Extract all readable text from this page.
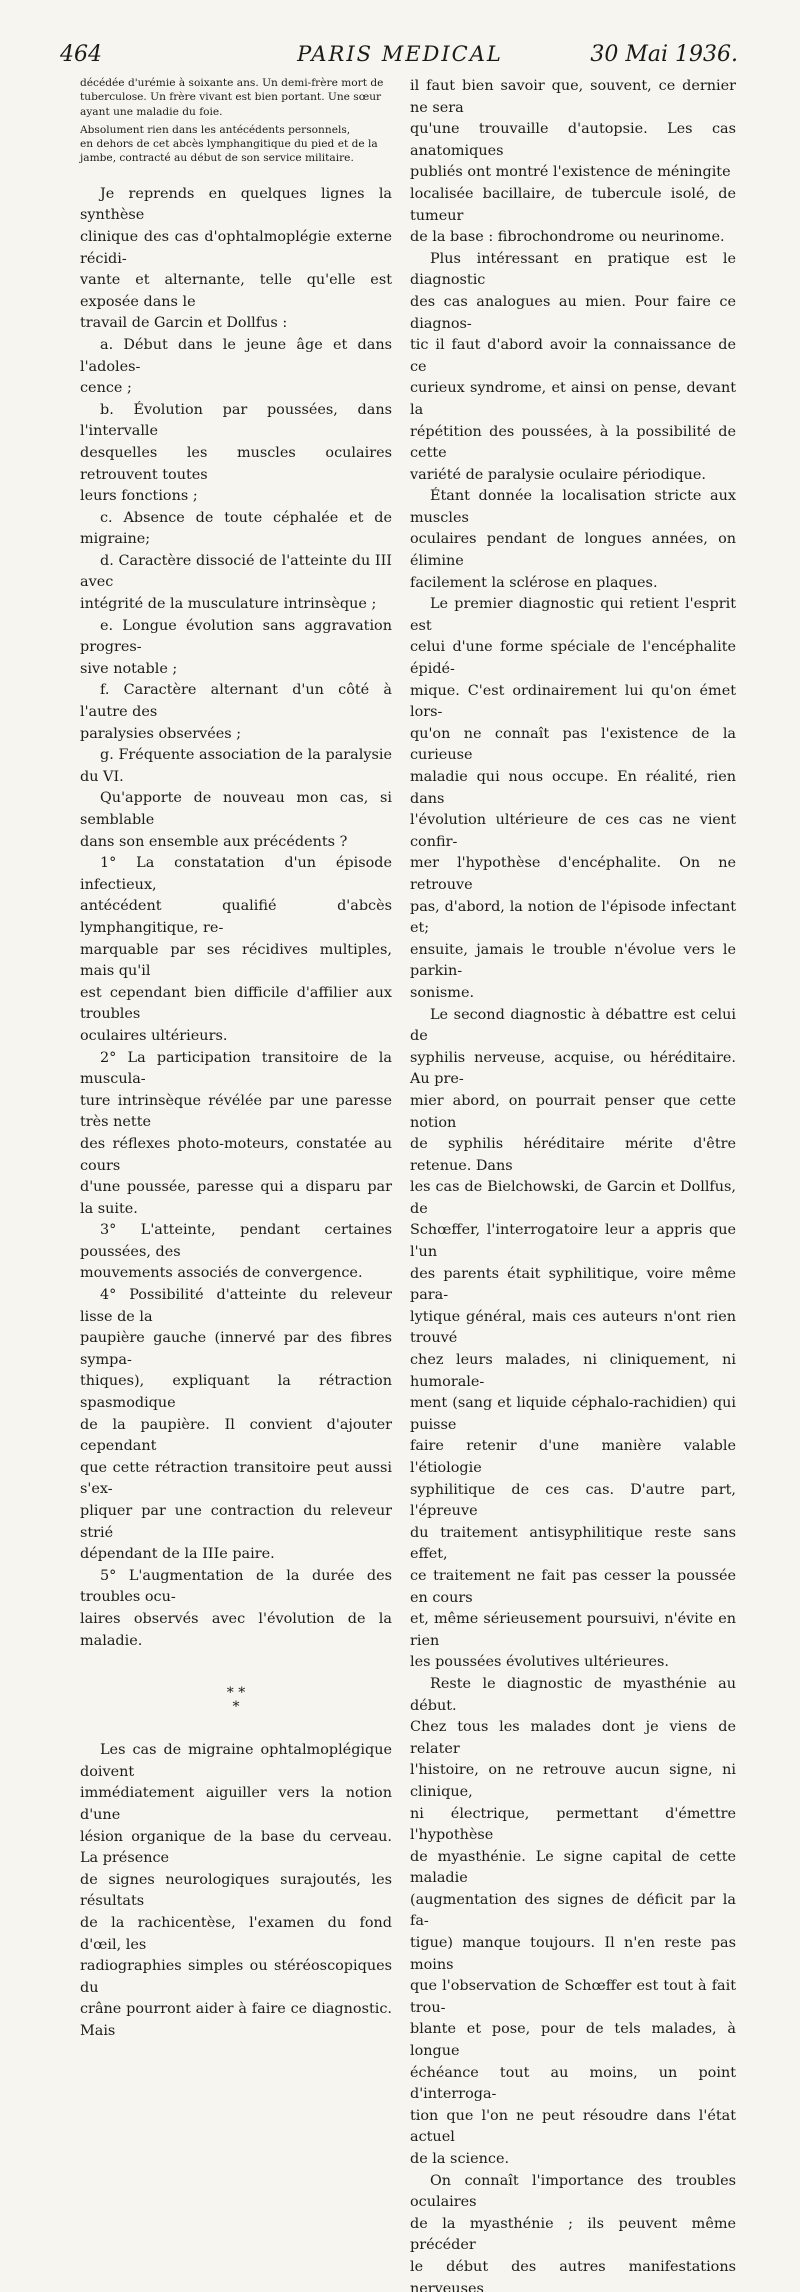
464	PARIS MEDICAL	30 Mai 1936.

décédée d'urémie à soixante ans. Un demi-frère mort de

tuberculose. Un frère vivant est bien portant. Une sœur

ayant une maladie du foie.

Absolument rien dans les antécédents personnels,

en dehors de cet abcès lymphangitique du pied et de la

jambe, contracté au début de son service militaire.

Je reprends en quelques lignes la synthèse

clinique des cas d'ophtalmoplégie externe récidi-

vante et alternante, telle qu'elle est exposée dans le

travail de Garcin et Dollfus :

a. Début dans le jeune âge et dans l'adoles-

cence ;

b. Évolution par poussées, dans l'intervalle

desquelles les muscles oculaires retrouvent toutes

leurs fonctions ;

c. Absence de toute céphalée et de migraine;

d. Caractère dissocié de l'atteinte du III avec

intégrité de la musculature intrinsèque ;

e. Longue évolution sans aggravation progres-

sive notable ;

f. Caractère alternant d'un côté à l'autre des

paralysies observées ;

g. Fréquente association de la paralysie du VI.

Qu'apporte de nouveau mon cas, si semblable

dans son ensemble aux précédents ?

1° La constatation d'un épisode infectieux,

antécédent qualifié d'abcès lymphangitique, re-

marquable par ses récidives multiples, mais qu'il

est cependant bien difficile d'affilier aux troubles

oculaires ultérieurs.

2° La participation transitoire de la muscula-

ture intrinsèque révélée par une paresse très nette

des réflexes photo-moteurs, constatée au cours

d'une poussée, paresse qui a disparu par la suite.

3° L'atteinte, pendant certaines poussées, des

mouvements associés de convergence.

4° Possibilité d'atteinte du releveur lisse de la

paupière gauche (innervé par des fibres sympa-

thiques), expliquant la rétraction spasmodique

de la paupière. Il convient d'ajouter cependant

que cette rétraction transitoire peut aussi s'ex-

pliquer par une contraction du releveur strié

dépendant de la IIIe paire.

5° L'augmentation de la durée des troubles ocu-

laires observés avec l'évolution de la maladie.

* *
*

Les cas de migraine ophtalmoplégique doivent

immédiatement aiguiller vers la notion d'une

lésion organique de la base du cerveau. La présence

de signes neurologiques surajoutés, les résultats

de la rachicentèse, l'examen du fond d'œil, les

radiographies simples ou stéréoscopiques du

crâne pourront aider à faire ce diagnostic. Mais

il faut bien savoir que, souvent, ce dernier ne sera

qu'une trouvaille d'autopsie. Les cas anatomiques

publiés ont montré l'existence de méningite

localisée bacillaire, de tubercule isolé, de tumeur

de la base : fibrochondrome ou neurinome.

Plus intéressant en pratique est le diagnostic

des cas analogues au mien. Pour faire ce diagnos-

tic il faut d'abord avoir la connaissance de ce

curieux syndrome, et ainsi on pense, devant la

répétition des poussées, à la possibilité de cette

variété de paralysie oculaire périodique.

Étant donnée la localisation stricte aux muscles

oculaires pendant de longues années, on élimine

facilement la sclérose en plaques.

Le premier diagnostic qui retient l'esprit est

celui d'une forme spéciale de l'encéphalite épidé-

mique. C'est ordinairement lui qu'on émet lors-

qu'on ne connaît pas l'existence de la curieuse

maladie qui nous occupe. En réalité, rien dans

l'évolution ultérieure de ces cas ne vient confir-

mer l'hypothèse d'encéphalite. On ne retrouve

pas, d'abord, la notion de l'épisode infectant et;

ensuite, jamais le trouble n'évolue vers le parkin-

sonisme.

Le second diagnostic à débattre est celui de

syphilis nerveuse, acquise, ou héréditaire. Au pre-

mier abord, on pourrait penser que cette notion

de syphilis héréditaire mérite d'être retenue. Dans

les cas de Bielchowski, de Garcin et Dollfus, de

Schœffer, l'interrogatoire leur a appris que l'un

des parents était syphilitique, voire même para-

lytique général, mais ces auteurs n'ont rien trouvé

chez leurs malades, ni cliniquement, ni humorale-

ment (sang et liquide céphalo-rachidien) qui puisse

faire retenir d'une manière valable l'étiologie

syphilitique de ces cas. D'autre part, l'épreuve

du traitement antisyphilitique reste sans effet,

ce traitement ne fait pas cesser la poussée en cours

et, même sérieusement poursuivi, n'évite en rien

les poussées évolutives ultérieures.

Reste le diagnostic de myasthénie au début.

Chez tous les malades dont je viens de relater

l'histoire, on ne retrouve aucun signe, ni clinique,

ni électrique, permettant d'émettre l'hypothèse

de myasthénie. Le signe capital de cette maladie

(augmentation des signes de déficit par la fa-

tigue) manque toujours. Il n'en reste pas moins

que l'observation de Schœffer est tout à fait trou-

blante et pose, pour de tels malades, à longue

échéance tout au moins, un point d'interroga-

tion que l'on ne peut résoudre dans l'état actuel

de la science.

On connaît l'importance des troubles oculaires

de la myasthénie ; ils peuvent même précéder

le début des autres manifestations nerveuses
